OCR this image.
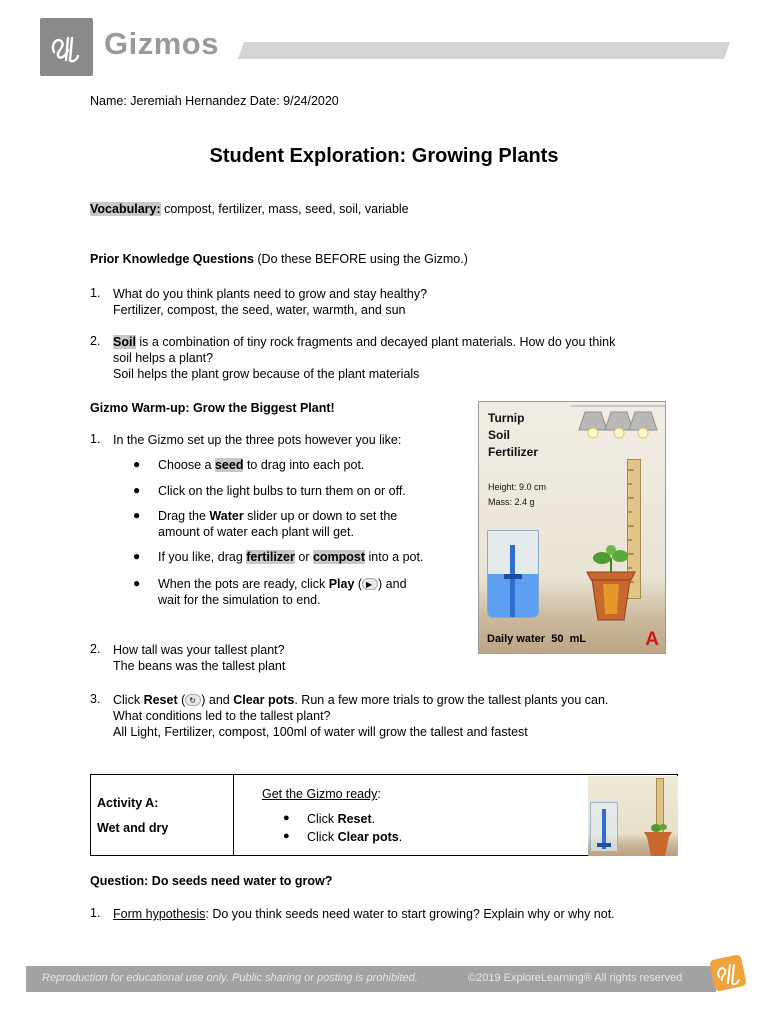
Gizmos
Name: Jeremiah Hernandez Date: 9/24/2020
Student Exploration: Growing Plants
Vocabulary: compost, fertilizer, mass, seed, soil, variable
Prior Knowledge Questions (Do these BEFORE using the Gizmo.)
1. What do you think plants need to grow and stay healthy?
Fertilizer, compost, the seed, water, warmth, and sun
2. Soil is a combination of tiny rock fragments and decayed plant materials. How do you think
soil helps a plant?
Soil helps the plant grow because of the plant materials
Gizmo Warm-up: Grow the Biggest Plant!
1. In the Gizmo set up the three pots however you like:
● Choose a seed to drag into each pot.
● Click on the light bulbs to turn them on or off.
● Drag the Water slider up or down to set the
amount of water each plant will get.
● If you like, drag fertilizer or compost into a pot.
● When the pots are ready, click Play ( ▶ ) and
wait for the simulation to end.
Turnip
Soil
Fertilizer
Height: 9.0 cm
Mass: 2.4 g
Daily water 50 mL	A
2. How tall was your tallest plant?
The beans was the tallest plant
3. Click Reset ( ↻ ) and Clear pots. Run a few more trials to grow the tallest plants you can.
What conditions led to the tallest plant?
All Light, Fertilizer, compost, 100ml of water will grow the tallest and fastest
Activity A:
Wet and dry
Get the Gizmo ready:
● Click Reset.
● Click Clear pots.
Question: Do seeds need water to grow?
1. Form hypothesis: Do you think seeds need water to start growing? Explain why or why not.
Reproduction for educational use only. Public sharing or posting is prohibited.	©2019 ExploreLearning® All rights reserved
